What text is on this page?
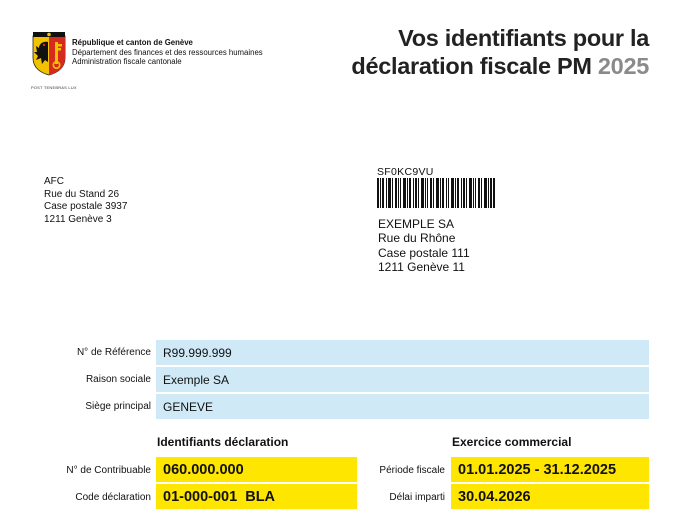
POST TENEBRAS LUX
République et canton de Genève
Département des finances et des ressources humaines
Administration fiscale cantonale
Vos identifiants pour la
déclaration fiscale PM 2025
AFC
Rue du Stand 26
Case postale 3937
1211 Genève 3
SF0KC9VU
EXEMPLE SA
Rue du Rhône
Case postale 111
1211 Genève 11
N° de Référence	R99.999.999
Raison sociale	Exemple SA
Siège principal	GENEVE
Identifiants déclaration	Exercice commercial
N° de Contribuable 060.000.000
Code déclaration 01-000-001  BLA
Période fiscale 01.01.2025 - 31.12.2025
Délai imparti 30.04.2026
